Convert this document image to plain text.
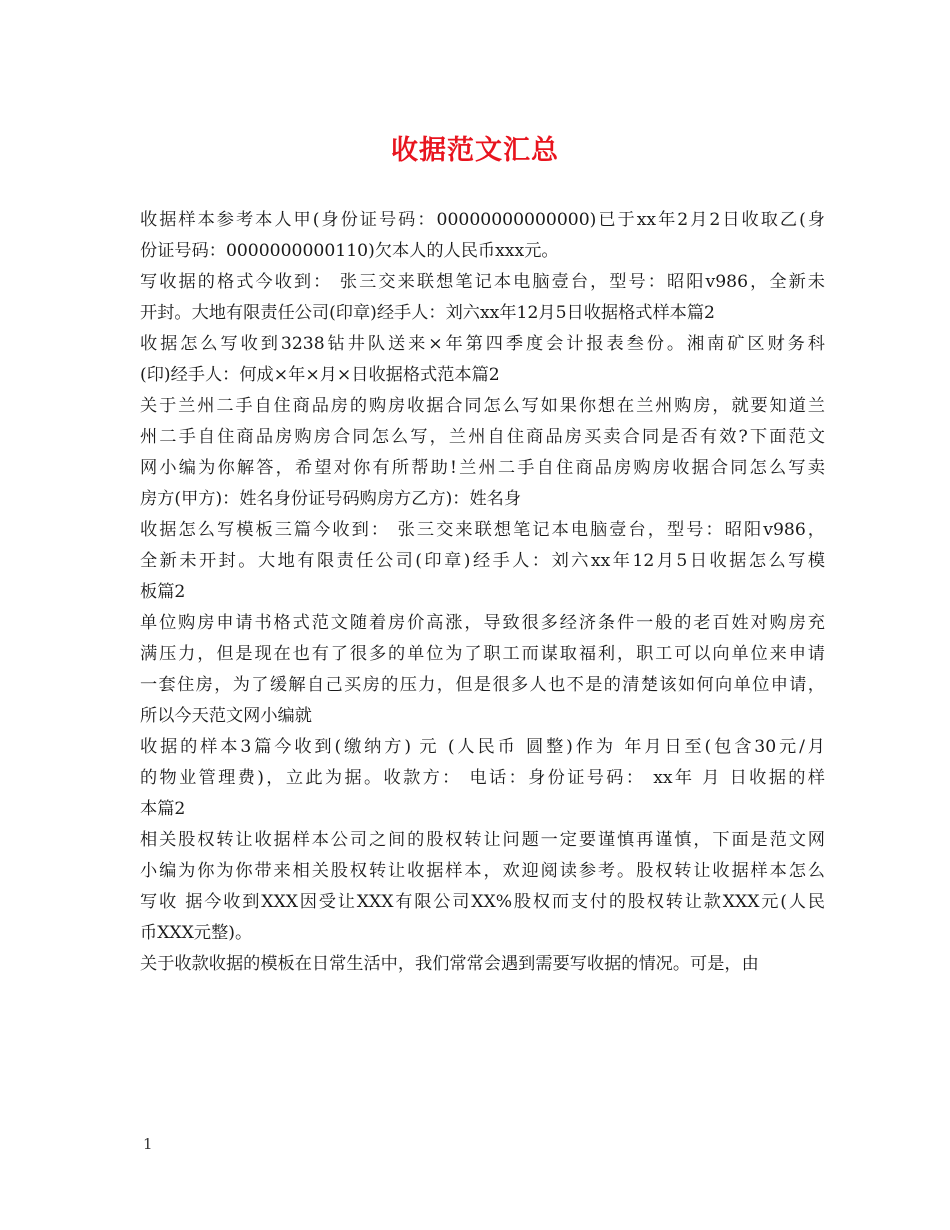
收据范文汇总
收据样本参考本人甲(身份证号码：00000000000000)已于xx年2月2日收取乙(身
份证号码：0000000000110)欠本人的人民币xxx元。
写收据的格式今收到： 张三交来联想笔记本电脑壹台，型号：昭阳v986，全新未
开封。大地有限责任公司(印章)经手人：刘六xx年12月5日收据格式样本篇2
收据怎么写收到3238钻井队送来×年第四季度会计报表叁份。湘南矿区财务科
(印)经手人：何成×年×月×日收据格式范本篇2
关于兰州二手自住商品房的购房收据合同怎么写如果你想在兰州购房，就要知道兰
州二手自住商品房购房合同怎么写，兰州自住商品房买卖合同是否有效?下面范文
网小编为你解答，希望对你有所帮助!兰州二手自住商品房购房收据合同怎么写卖
房方(甲方)：姓名身份证号码购房方乙方)：姓名身
收据怎么写模板三篇今收到： 张三交来联想笔记本电脑壹台，型号：昭阳v986，
全新未开封。大地有限责任公司(印章)经手人：刘六xx年12月5日收据怎么写模
板篇2
单位购房申请书格式范文随着房价高涨，导致很多经济条件一般的老百姓对购房充
满压力，但是现在也有了很多的单位为了职工而谋取福利，职工可以向单位来申请
一套住房，为了缓解自己买房的压力，但是很多人也不是的清楚该如何向单位申请，
所以今天范文网小编就
收据的样本3篇今收到(缴纳方) 元 (人民币 圆整)作为 年月日至(包含30元/月
的物业管理费)，立此为据。收款方： 电话：身份证号码： xx年 月 日收据的样
本篇2
相关股权转让收据样本公司之间的股权转让问题一定要谨慎再谨慎，下面是范文网
小编为你为你带来相关股权转让收据样本，欢迎阅读参考。股权转让收据样本怎么
写收 据今收到XXX因受让XXX有限公司XX%股权而支付的股权转让款XXX元(人民
币XXX元整)。
关于收款收据的模板在日常生活中，我们常常会遇到需要写收据的情况。可是，由
1
